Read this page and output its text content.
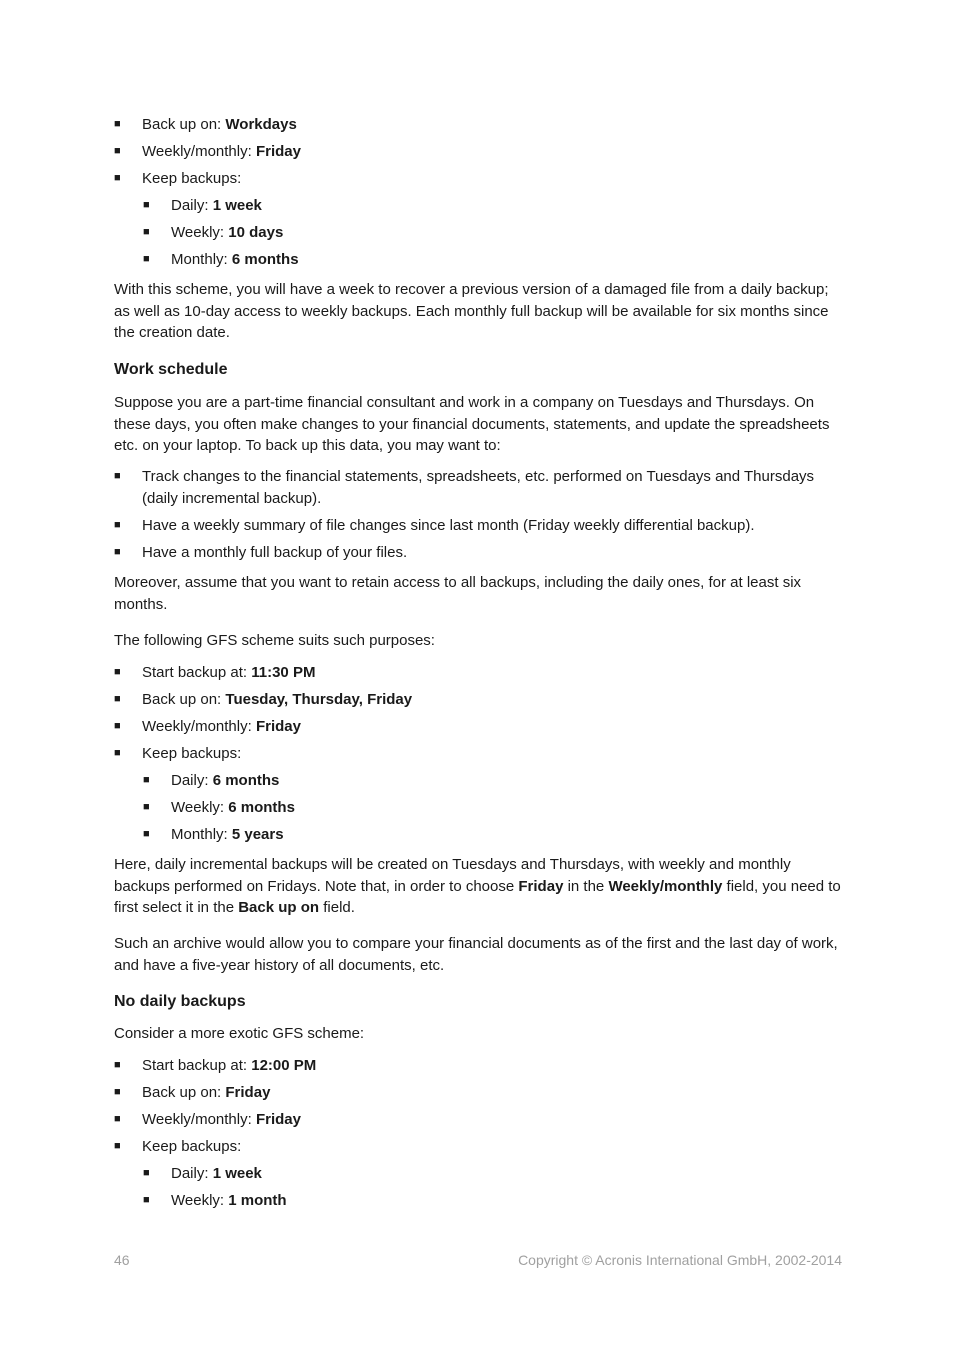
■ Back up on: Workdays
■ Weekly/monthly: Friday
■ Keep backups:
■ Daily: 1 week
■ Weekly: 10 days
■ Monthly: 6 months

With this scheme, you will have a week to recover a previous version of a damaged file from a daily backup; as well as 10-day access to weekly backups. Each monthly full backup will be available for six months since the creation date.

Work schedule

Suppose you are a part-time financial consultant and work in a company on Tuesdays and Thursdays. On these days, you often make changes to your financial documents, statements, and update the spreadsheets etc. on your laptop. To back up this data, you may want to:

■ Track changes to the financial statements, spreadsheets, etc. performed on Tuesdays and Thursdays (daily incremental backup).
■ Have a weekly summary of file changes since last month (Friday weekly differential backup).
■ Have a monthly full backup of your files.

Moreover, assume that you want to retain access to all backups, including the daily ones, for at least six months.

The following GFS scheme suits such purposes:

■ Start backup at: 11:30 PM
■ Back up on: Tuesday, Thursday, Friday
■ Weekly/monthly: Friday
■ Keep backups:
■ Daily: 6 months
■ Weekly: 6 months
■ Monthly: 5 years

Here, daily incremental backups will be created on Tuesdays and Thursdays, with weekly and monthly backups performed on Fridays. Note that, in order to choose Friday in the Weekly/monthly field, you need to first select it in the Back up on field.

Such an archive would allow you to compare your financial documents as of the first and the last day of work, and have a five-year history of all documents, etc.

No daily backups

Consider a more exotic GFS scheme:

■ Start backup at: 12:00 PM
■ Back up on: Friday
■ Weekly/monthly: Friday
■ Keep backups:
■ Daily: 1 week
■ Weekly: 1 month
46	Copyright © Acronis International GmbH, 2002-2014
